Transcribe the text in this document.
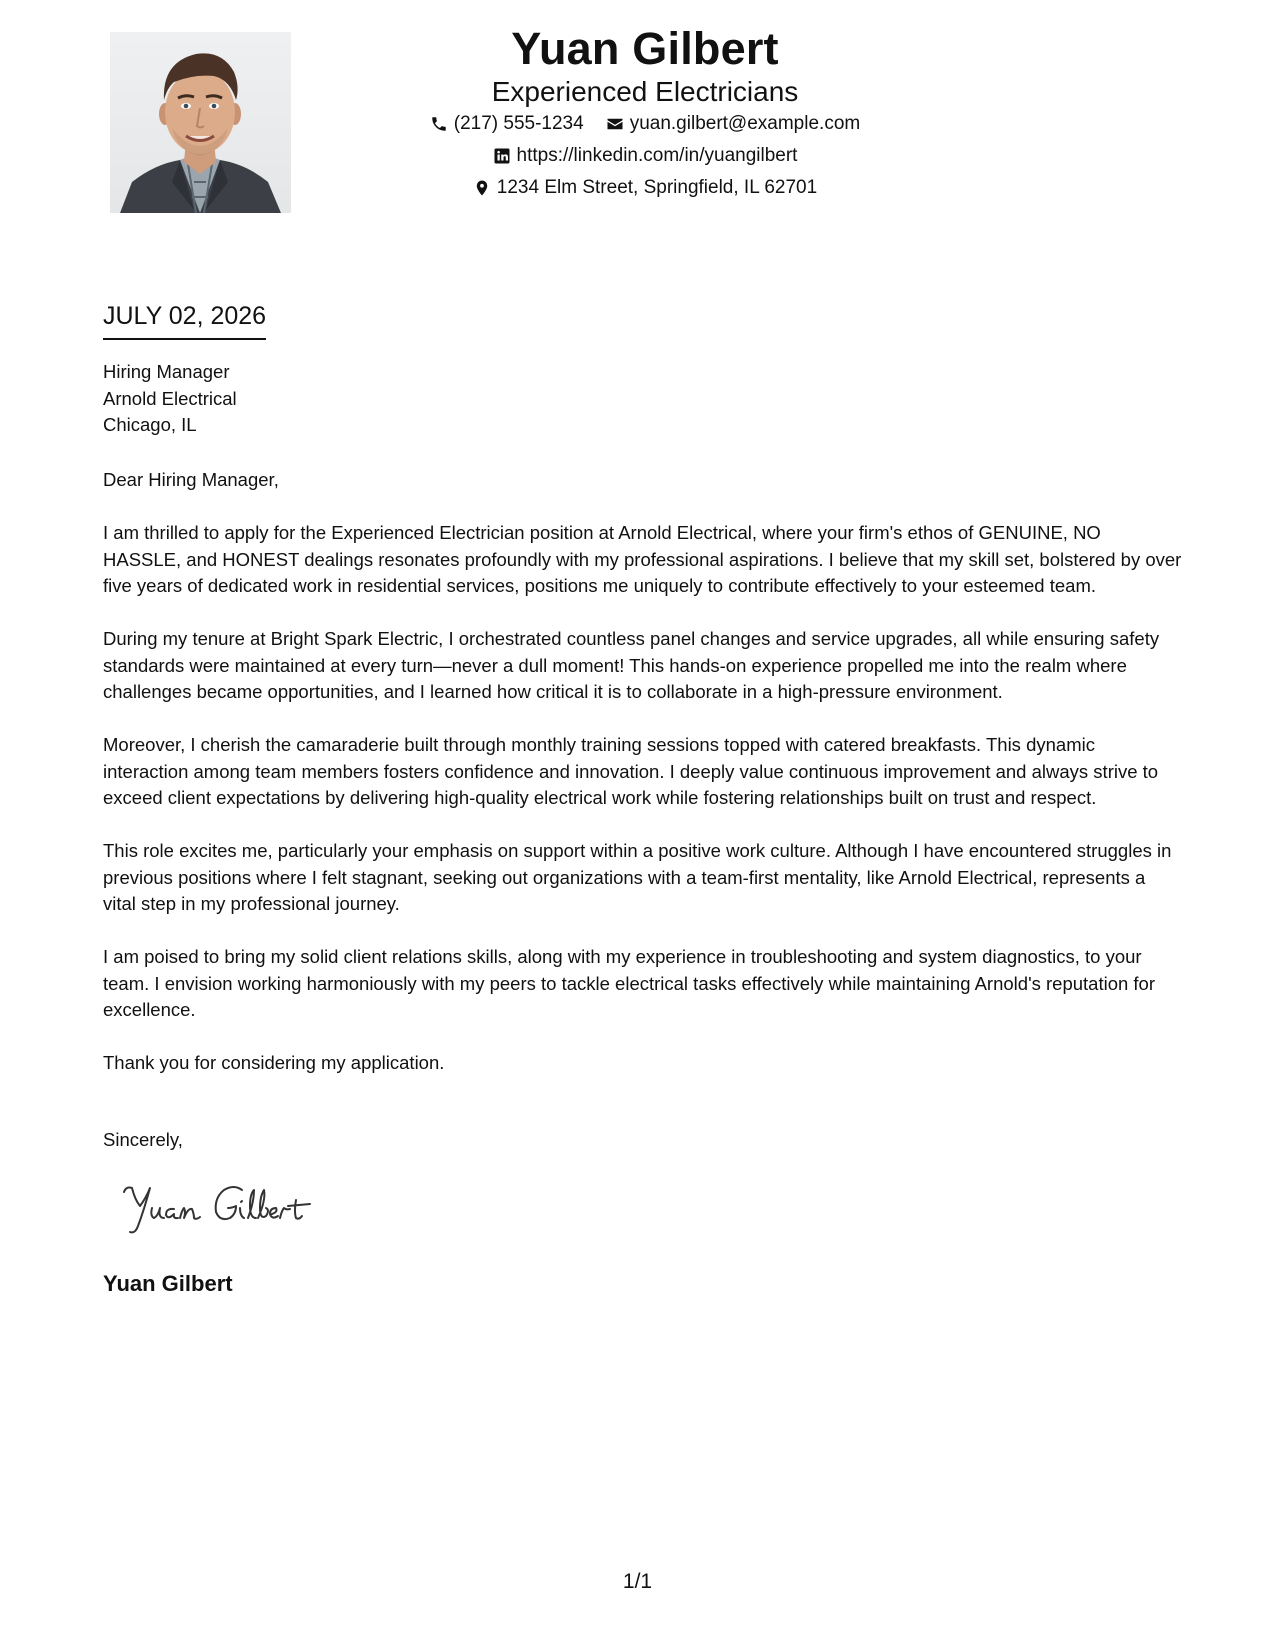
Yuan Gilbert
Experienced Electricians
(217) 555-1234 yuan.gilbert@example.com
https://linkedin.com/in/yuangilbert
1234 Elm Street, Springfield, IL 62701
JULY 02, 2026
Hiring Manager
Arnold Electrical
Chicago, IL

Dear Hiring Manager,

I am thrilled to apply for the Experienced Electrician position at Arnold Electrical, where your firm's ethos of GENUINE, NO HASSLE, and HONEST dealings resonates profoundly with my professional aspirations. I believe that my skill set, bolstered by over five years of dedicated work in residential services, positions me uniquely to contribute effectively to your esteemed team.

During my tenure at Bright Spark Electric, I orchestrated countless panel changes and service upgrades, all while ensuring safety standards were maintained at every turn—never a dull moment! This hands-on experience propelled me into the realm where challenges became opportunities, and I learned how critical it is to collaborate in a high-pressure environment.

Moreover, I cherish the camaraderie built through monthly training sessions topped with catered breakfasts. This dynamic interaction among team members fosters confidence and innovation. I deeply value continuous improvement and always strive to exceed client expectations by delivering high-quality electrical work while fostering relationships built on trust and respect.

This role excites me, particularly your emphasis on support within a positive work culture. Although I have encountered struggles in previous positions where I felt stagnant, seeking out organizations with a team-first mentality, like Arnold Electrical, represents a vital step in my professional journey.

I am poised to bring my solid client relations skills, along with my experience in troubleshooting and system diagnostics, to your team. I envision working harmoniously with my peers to tackle electrical tasks effectively while maintaining Arnold's reputation for excellence.

Thank you for considering my application.

Sincerely,
Yuan Gilbert
1/1
